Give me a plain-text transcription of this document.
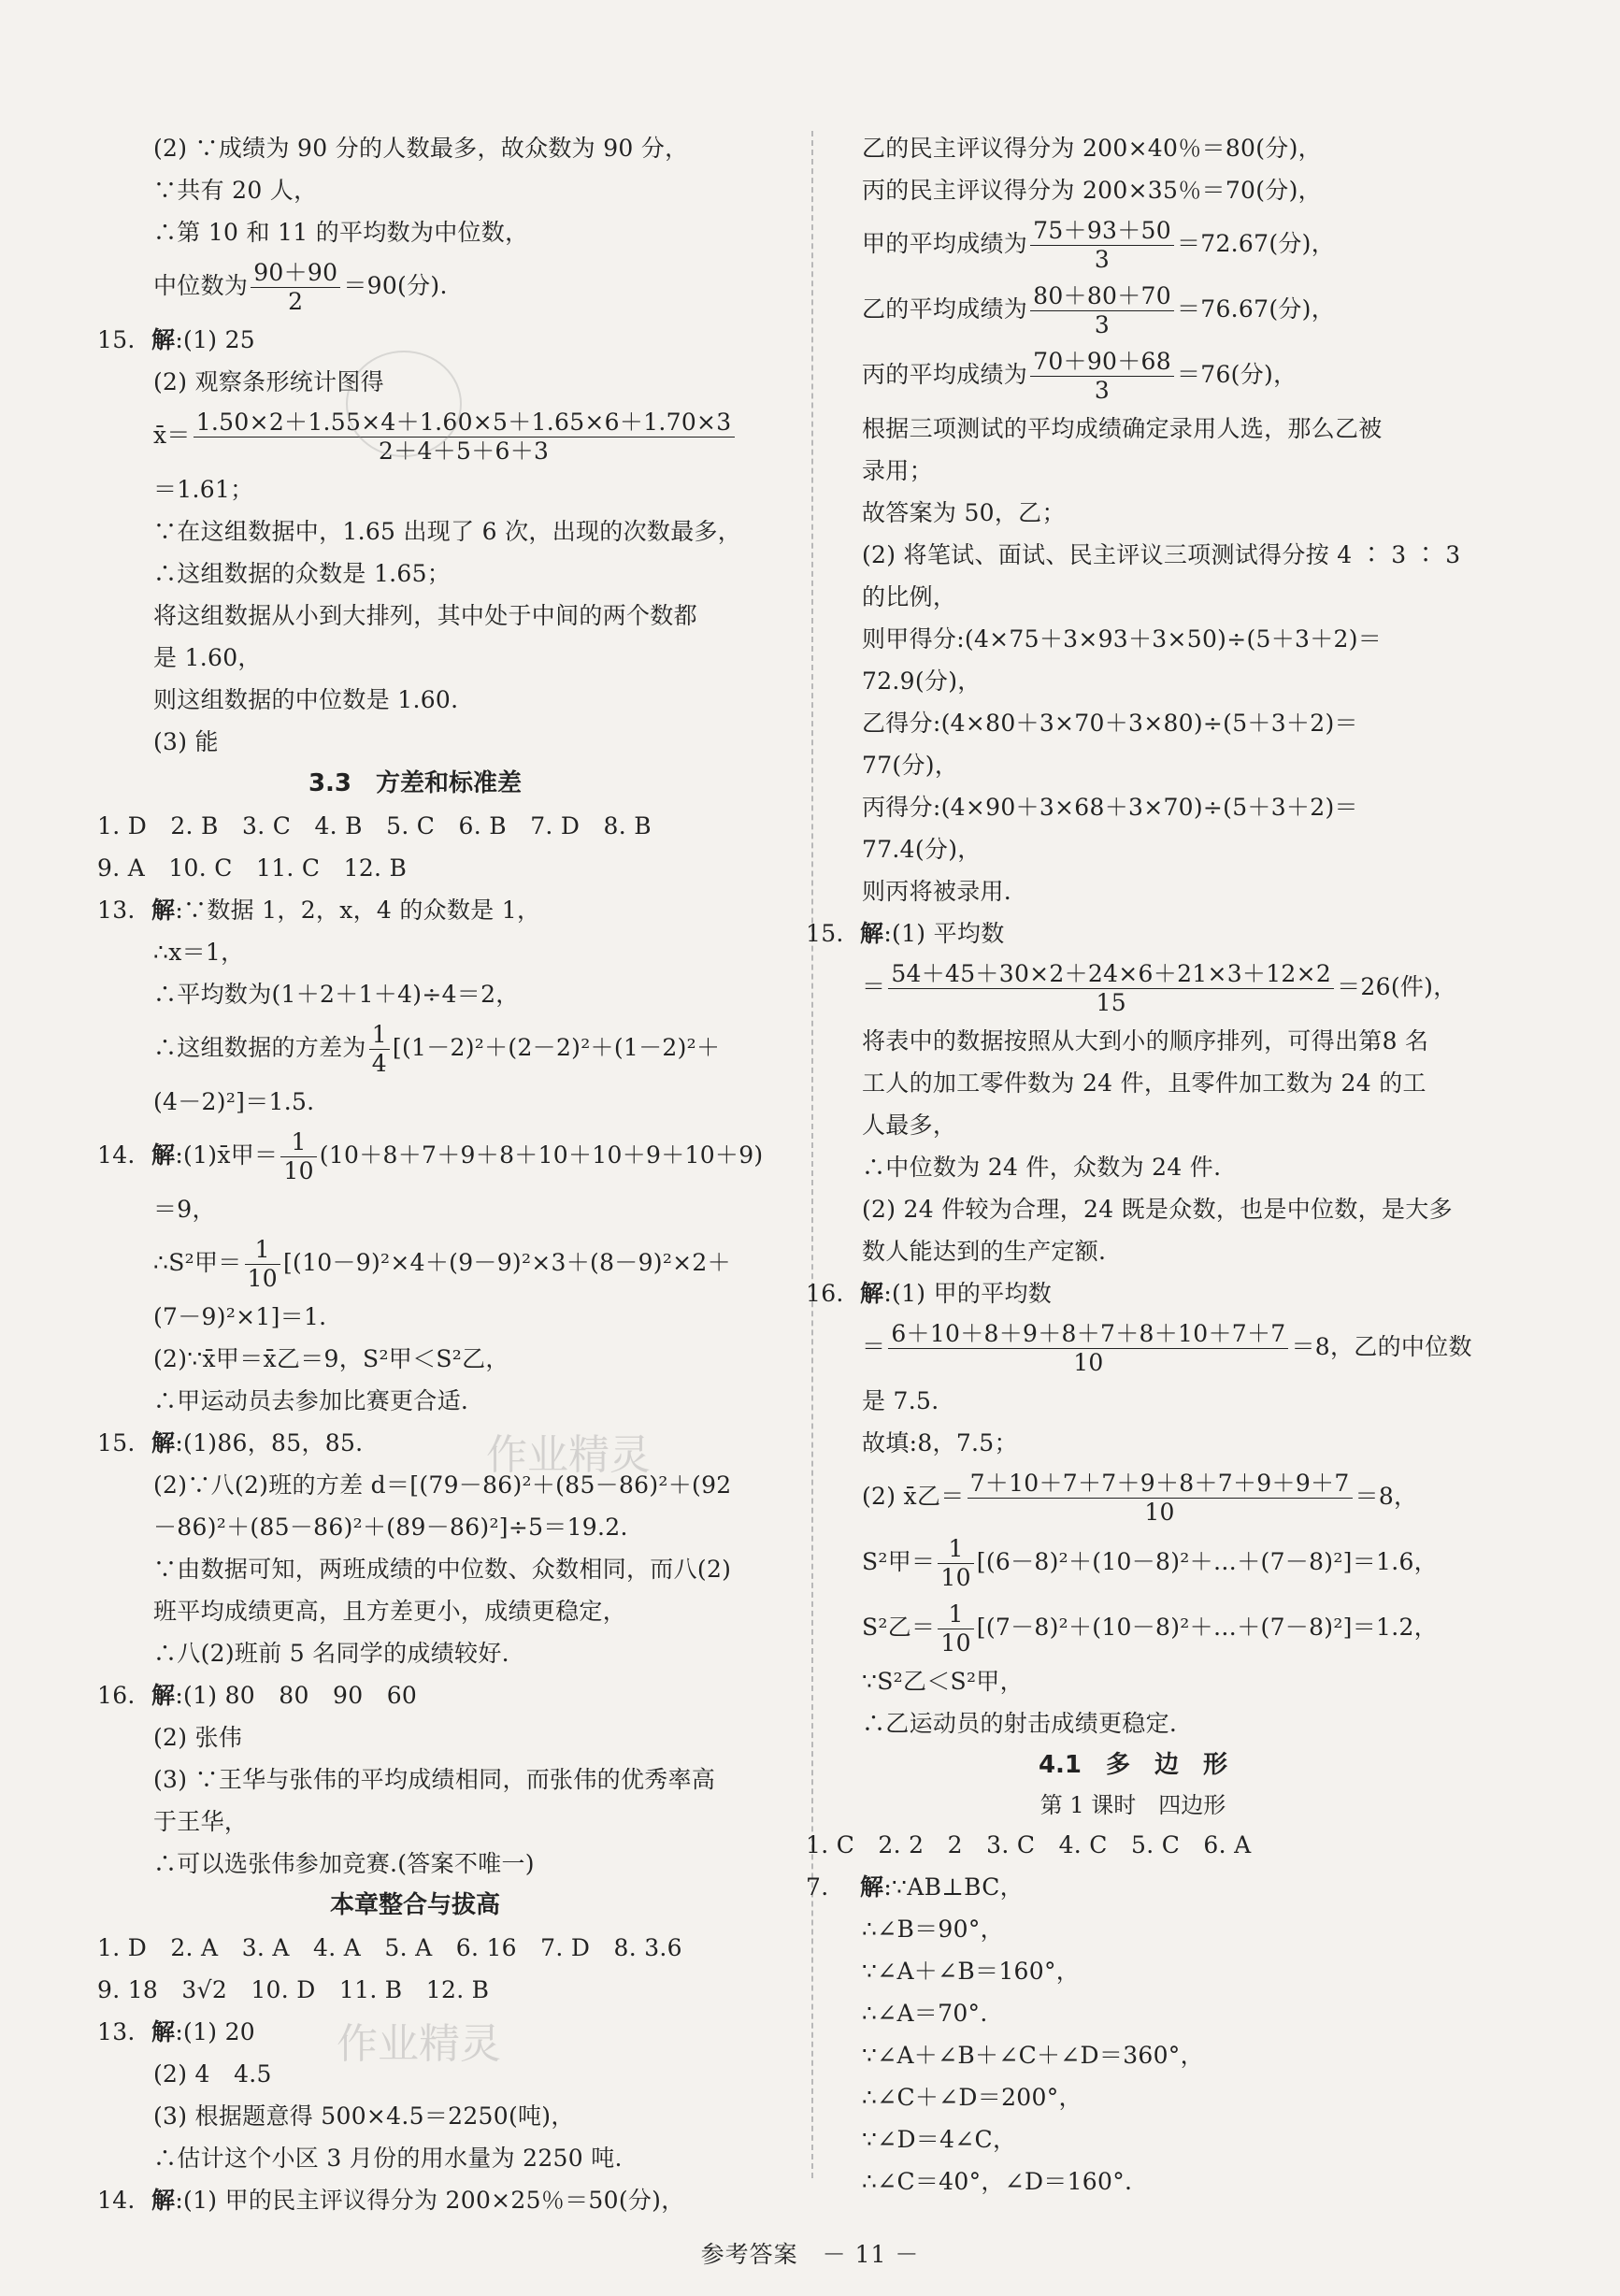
(2) ∵成绩为 90 分的人数最多，故众数为 90 分，
∵共有 20 人，
∴第 10 和 11 的平均数为中位数，
中位数为 $\frac{90+90}{2} =90$(分).
15. 解:(1) 25
(2) 观察条形统计图得
x̄＝ $\frac{1.50\times 2+1.55\times 4+1.60\times 5+1.65\times 6+1.70\times 3}{2+4+5+6+3}$
＝1.61；
∵在这组数据中，1.65 出现了 6 次，出现的次数最多，
∴这组数据的众数是 1.65；
将这组数据从小到大排列，其中处于中间的两个数都
是 1.60，
则这组数据的中位数是 1.60.
(3) 能
3.3　方差和标准差
1. D　2. B　3. C　4. B　5. C　6. B　7. D　8. B
9. A　10. C　11. C　12. B
13. 解:∵数据 1，2，x，4 的众数是 1，
∴x＝1，
∴平均数为(1＋2＋1＋4)÷4＝2，
∴这组数据的方差为 $\frac{1}{4} [(1-2)^2+(2-2)^2+(1-2)^2+$
(4－2)²]＝1.5.
14. 解:(1)x̄甲＝ $\frac{1}{10} (10+8+7+9+8+10+10+9+10+9)$
＝9，
∴S²甲＝ $\frac{1}{10} [(10-9)^2\times 4+(9-9)^2\times 3+(8-9)^2\times 2+$
(7－9)²×1]＝1.
(2)∵x̄甲＝x̄乙＝9，S²甲＜S²乙，
∴甲运动员去参加比赛更合适.
15. 解:(1)86，85，85.
(2)∵八(2)班的方差 d＝[(79－86)²＋(85－86)²＋(92
－86)²＋(85－86)²＋(89－86)²]÷5＝19.2.
∵由数据可知，两班成绩的中位数、众数相同，而八(2)
班平均成绩更高，且方差更小，成绩更稳定，
∴八(2)班前 5 名同学的成绩较好.
16. 解:(1) 80　80　90　60
(2) 张伟
(3) ∵王华与张伟的平均成绩相同，而张伟的优秀率高
于王华，
∴可以选张伟参加竞赛.(答案不唯一)
本章整合与拔高
1. D　2. A　3. A　4. A　5. A　6. 16　7. D　8. 3.6
9. 18　3√2　10. D　11. B　12. B
13. 解:(1) 20
(2) 4　4.5
(3) 根据题意得 500×4.5＝2250(吨)，
∴估计这个小区 3 月份的用水量为 2250 吨.
14. 解:(1) 甲的民主评议得分为 200×25％＝50(分)，
乙的民主评议得分为 200×40％＝80(分)，
丙的民主评议得分为 200×35％＝70(分)，
甲的平均成绩为 $\frac{75+93+50}{3} =72.67$(分)，
乙的平均成绩为 $\frac{80+80+70}{3} =76.67$(分)，
丙的平均成绩为 $\frac{70+90+68}{3} =76$(分)，
根据三项测试的平均成绩确定录用人选，那么乙被
录用；
故答案为 50，乙；
(2) 将笔试、面试、民主评议三项测试得分按 4 ∶ 3 ∶ 3
的比例，
则甲得分:(4×75＋3×93＋3×50)÷(5＋3＋2)＝
72.9(分)，
乙得分:(4×80＋3×70＋3×80)÷(5＋3＋2)＝
77(分)，
丙得分:(4×90＋3×68＋3×70)÷(5＋3＋2)＝
77.4(分)，
则丙将被录用.
15. 解:(1) 平均数
＝ $\frac{54+45+30\times 2+24\times 6+21\times 3+12\times 2}{15} =26$(件)，
将表中的数据按照从大到小的顺序排列，可得出第8 名
工人的加工零件数为 24 件，且零件加工数为 24 的工
人最多，
∴中位数为 24 件，众数为 24 件.
(2) 24 件较为合理，24 既是众数，也是中位数，是大多
数人能达到的生产定额.
16. 解:(1) 甲的平均数
＝ $\frac{6+10+8+9+8+7+8+10+7+7}{10} =8$，乙的中位数
是 7.5.
故填:8，7.5；
(2) x̄乙＝ $\frac{7+10+7+7+9+8+7+9+9+7}{10} =8$，
S²甲＝ $\frac{1}{10}$ [(6－8)²＋(10－8)²＋…＋(7－8)²]＝1.6，
S²乙＝ $\frac{1}{10}$ [(7－8)²＋(10－8)²＋…＋(7－8)²]＝1.2，
∵S²乙＜S²甲，
∴乙运动员的射击成绩更稳定.
4.1　多　边　形
第 1 课时　四边形
1. C　2. 2　2　3. C　4. C　5. C　6. A
7. 解:∵AB⊥BC，
∴∠B＝90°，
∵∠A＋∠B＝160°，
∴∠A＝70°.
∵∠A＋∠B＋∠C＋∠D＝360°，
∴∠C＋∠D＝200°，
∵∠D＝4∠C，
∴∠C＝40°，∠D＝160°.
作业精灵
作业精灵
参考答案　－ 11 －
